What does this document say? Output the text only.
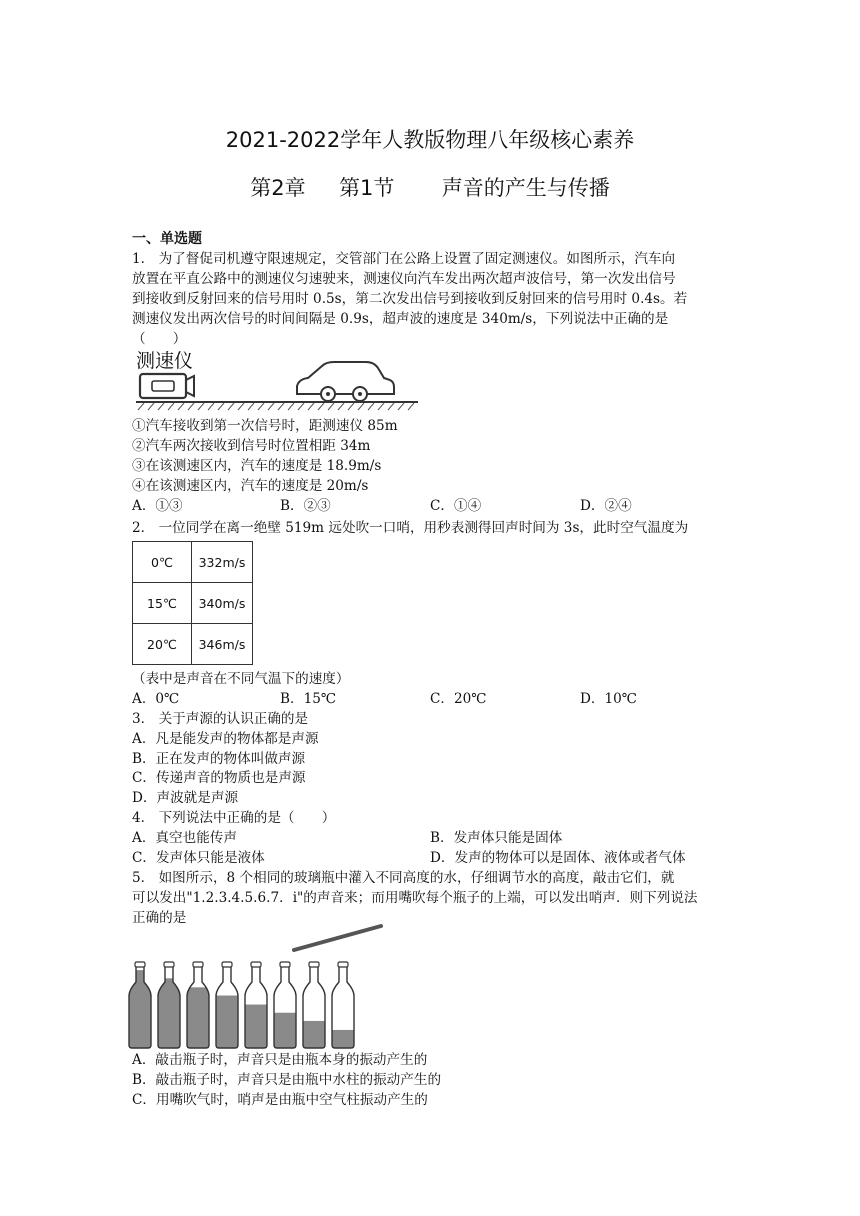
2021-2022学年人教版物理八年级核心素养
第2章 第1节 声音的产生与传播
一、单选题
1． 为了督促司机遵守限速规定，交管部门在公路上设置了固定测速仪。如图所示，汽车向
放置在平直公路中的测速仪匀速驶来，测速仪向汽车发出两次超声波信号，第一次发出信号
到接收到反射回来的信号用时 0.5s，第二次发出信号到接收到反射回来的信号用时 0.4s。若
测速仪发出两次信号的时间间隔是 0.9s，超声波的速度是 340m/s，下列说法中正确的是
（　　）
测速仪
①汽车接收到第一次信号时，距测速仪 85m
②汽车两次接收到信号时位置相距 34m
③在该测速区内，汽车的速度是 18.9m/s
④在该测速区内，汽车的速度是 20m/s
A．①③	B．②③	C．①④	D．②④
2． 一位同学在离一绝壁 519m 远处吹一口哨，用秒表测得回声时间为 3s，此时空气温度为
0℃	332m/s
15℃	340m/s
20℃	346m/s
（表中是声音在不同气温下的速度）
A．0℃	B．15℃	C．20℃	D．10℃
3． 关于声源的认识正确的是
A．凡是能发声的物体都是声源
B．正在发声的物体叫做声源
C．传递声音的物质也是声源
D．声波就是声源
4． 下列说法中正确的是（　　）
A．真空也能传声	B．发声体只能是固体
C．发声体只能是液体	D．发声的物体可以是固体、液体或者气体
5． 如图所示，8 个相同的玻璃瓶中灌入不同高度的水，仔细调节水的高度，敲击它们，就
可以发出"1.2.3.4.5.6.7．i"的声音来；而用嘴吹每个瓶子的上端，可以发出哨声．则下列说法
正确的是
A．敲击瓶子时，声音只是由瓶本身的振动产生的
B．敲击瓶子时，声音只是由瓶中水柱的振动产生的
C．用嘴吹气时，哨声是由瓶中空气柱振动产生的
